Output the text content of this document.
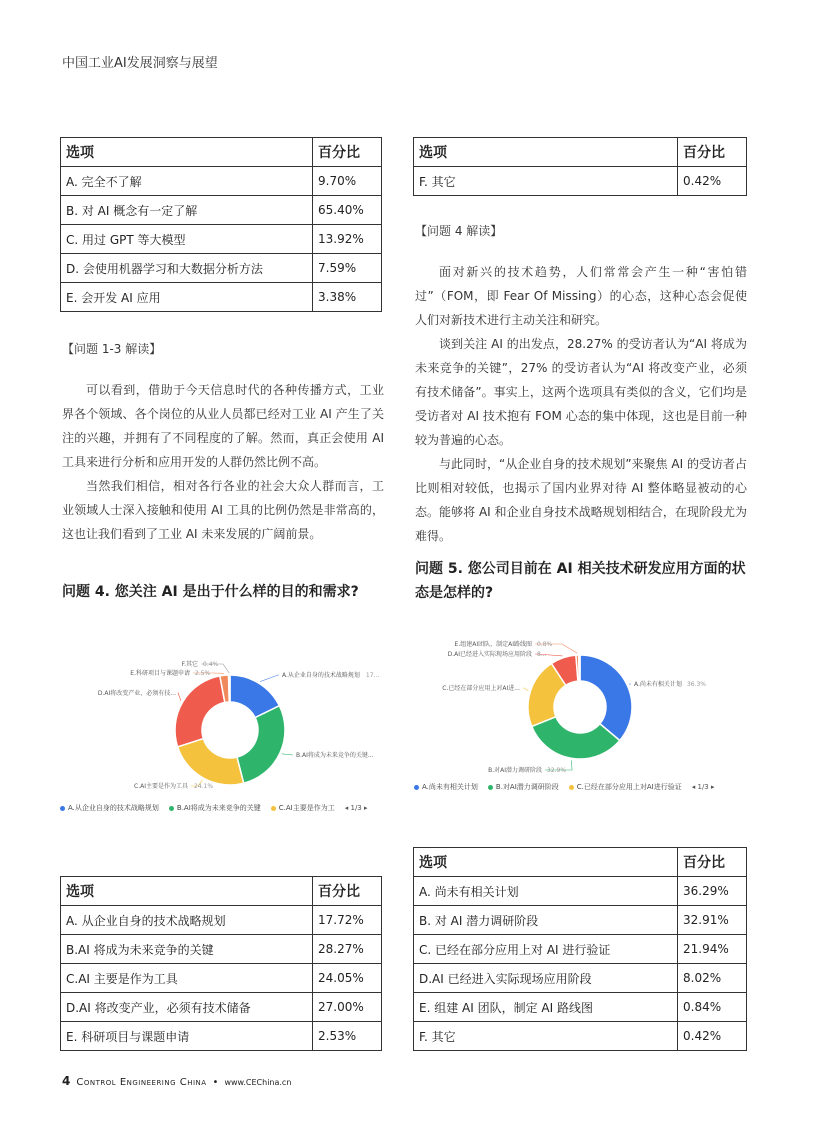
中国工业AI发展洞察与展望
选项	百分比
A. 完全不了解	9.70%
B. 对 AI 概念有一定了解	65.40%
C. 用过 GPT 等大模型	13.92%
D. 会使用机器学习和大数据分析方法	7.59%
E. 会开发 AI 应用	3.38%
选项	百分比
F. 其它	0.42%
【问题 1-3 解读】

可以看到，借助于今天信息时代的各种传播方式，工业界各个领域、各个岗位的从业人员都已经对工业 AI 产生了关注的兴趣，并拥有了不同程度的了解。然而，真正会使用 AI 工具来进行分析和应用开发的人群仍然比例不高。

当然我们相信，相对各行各业的社会大众人群而言，工业领域人士深入接触和使用 AI 工具的比例仍然是非常高的，这也让我们看到了工业 AI 未来发展的广阔前景。

问题 4. 您关注 AI 是出于什么样的目的和需求?
【问题 4 解读】

面对新兴的技术趋势，人们常常会产生一种“害怕错过”（FOM，即 Fear Of Missing）的心态，这种心态会促使人们对新技术进行主动关注和研究。

谈到关注 AI 的出发点，28.27% 的受访者认为“AI 将成为未来竞争的关键”，27% 的受访者认为“AI 将改变产业，必须有技术储备”。事实上，这两个选项具有类似的含义，它们均是受访者对 AI 技术抱有 FOM 心态的集中体现，这也是目前一种较为普遍的心态。

与此同时，“从企业自身的技术规划”来聚焦 AI 的受访者占比则相对较低，也揭示了国内业界对待 AI 整体略显被动的心态。能够将 AI 和企业自身技术战略规划相结合，在现阶段尤为难得。

问题 5. 您公司目前在 AI 相关技术研发应用方面的状态是怎样的?
A.从企业自身的技术战略规划 17...
B.AI将成为未来竞争的关键...
C.AI主要是作为工具 24.1%
D.AI将改变产业，必须有技...
E.科研项目与课题申请 2.5%
F.其它 0.4%
A.从企业自身的技术战略规划	B.AI将成为未来竞争的关键	C.AI主要是作为工 ◂ 1/3 ▸
A.尚未有相关计划 36.3%
B.对AI潜力调研阶段 32.9%
C.已经在部分应用上对AI进...
D.AI已经进入实际现场应用阶段 8...
E.组建AI团队，制定AI路线图 0.8%
A.尚未有相关计划	B.对AI潜力调研阶段	C.已经在部分应用上对AI进行验证 ◂ 1/3 ▸
选项	百分比
A. 从企业自身的技术战略规划	17.72%
B.AI 将成为未来竞争的关键	28.27%
C.AI 主要是作为工具	24.05%
D.AI 将改变产业，必须有技术储备	27.00%
E. 科研项目与课题申请	2.53%
选项	百分比
A. 尚未有相关计划	36.29%
B. 对 AI 潜力调研阶段	32.91%
C. 已经在部分应用上对 AI 进行验证	21.94%
D.AI 已经进入实际现场应用阶段	8.02%
E. 组建 AI 团队，制定 AI 路线图	0.84%
F. 其它	0.42%
4 Control Engineering China • www.CEChina.cn
